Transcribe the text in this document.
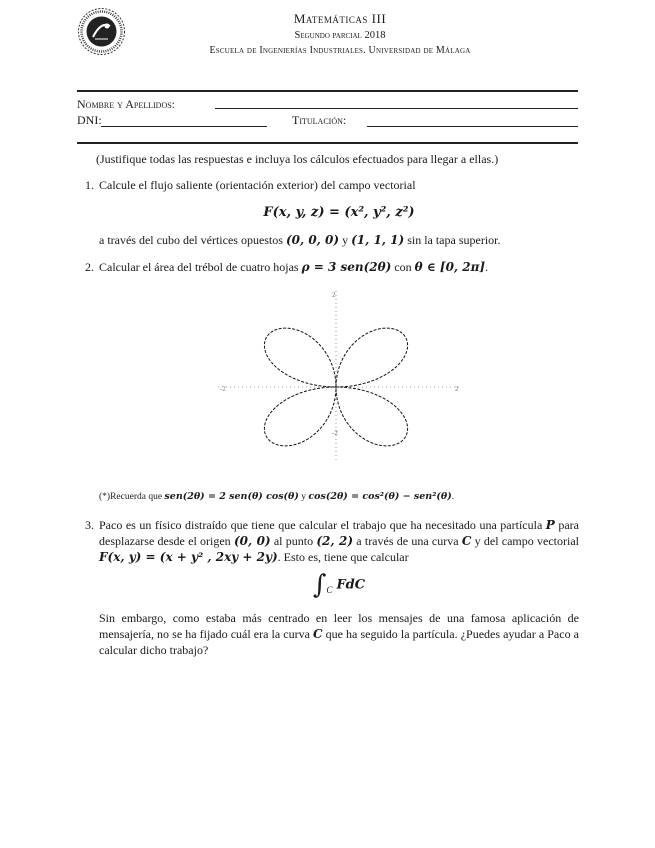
Matemáticas III
Segundo parcial 2018
Escuela de Ingenierías Industriales. Universidad de Málaga
Nombre y Apellidos:
DNI:	Titulación:
(Justifique todas las respuestas e incluya los cálculos efectuados para llegar a ellas.)
1. Calcule el flujo saliente (orientación exterior) del campo vectorial
F(x, y, z) = (x², y², z²)
a través del cubo del vértices opuestos (0, 0, 0) y (1, 1, 1) sin la tapa superior.
2. Calcular el área del trébol de cuatro hojas ρ = 3 sen(2θ) con θ ∈ [0, 2π].
2
-2
-2	2
(*)Recuerda que sen(2θ) = 2 sen(θ) cos(θ) y cos(2θ) = cos²(θ) − sen²(θ).
3. Paco es un físico distraído que tiene que calcular el trabajo que ha necesitado una partícula P para desplazarse desde el origen (0, 0) al punto (2, 2) a través de una curva C y del campo vectorial F(x, y) = (x + y² , 2xy + 2y). Esto es, tiene que calcular
$\int_C$ FdC
Sin embargo, como estaba más centrado en leer los mensajes de una famosa aplicación de mensajería, no se ha fijado cuál era la curva C que ha seguido la partícula. ¿Puedes ayudar a Paco a calcular dicho trabajo?
